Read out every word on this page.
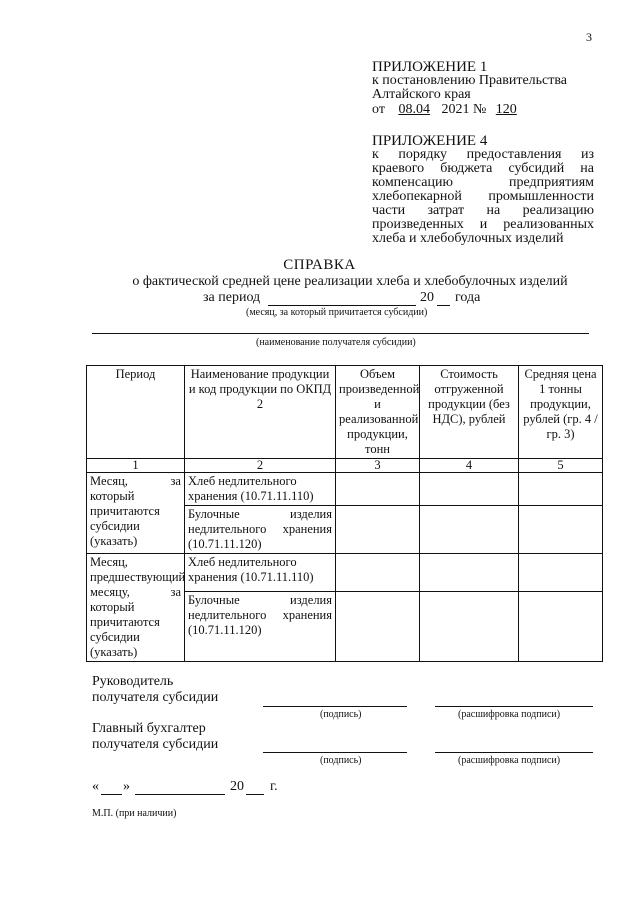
3
ПРИЛОЖЕНИЕ 1
к постановлению Правительства
Алтайского края
от 08.04 2021 № 120
ПРИЛОЖЕНИЕ 4
к порядку предоставления из краевого бюджета субсидий на компенсацию предприятиям хлебопекарной промышленности части затрат на реализацию произведенных и реализованных хлеба и хлебобулочных изделий
СПРАВКА
о фактической средней цене реализации хлеба и хлебобулочных изделий
за период	20 года
(месяц, за который причитается субсидии)
(наименование получателя субсидии)
Период	Наименование продукции и код продукции по ОКПД 2	Объем произведенной и реализованной продукции, тонн	Стоимость отгруженной продукции (без НДС), рублей	Средняя цена 1 тонны продукции, рублей (гр. 4 / гр. 3)
1	2	3	4	5
Месяц, за который причитаются субсидии (указать)	Хлеб недлительного хранения (10.71.11.110)			
	Булочные изделия недлительного хранения (10.71.11.120)			
Месяц, предшествующий месяцу, за который причитаются субсидии (указать)	Хлеб недлительного хранения (10.71.11.110)			
	Булочные изделия недлительного хранения (10.71.11.120)			
Руководитель
получателя субсидии
(подпись)	(расшифровка подписи)
Главный бухгалтер
получателя субсидии
(подпись)	(расшифровка подписи)
« »	20 г.
М.П. (при наличии)
